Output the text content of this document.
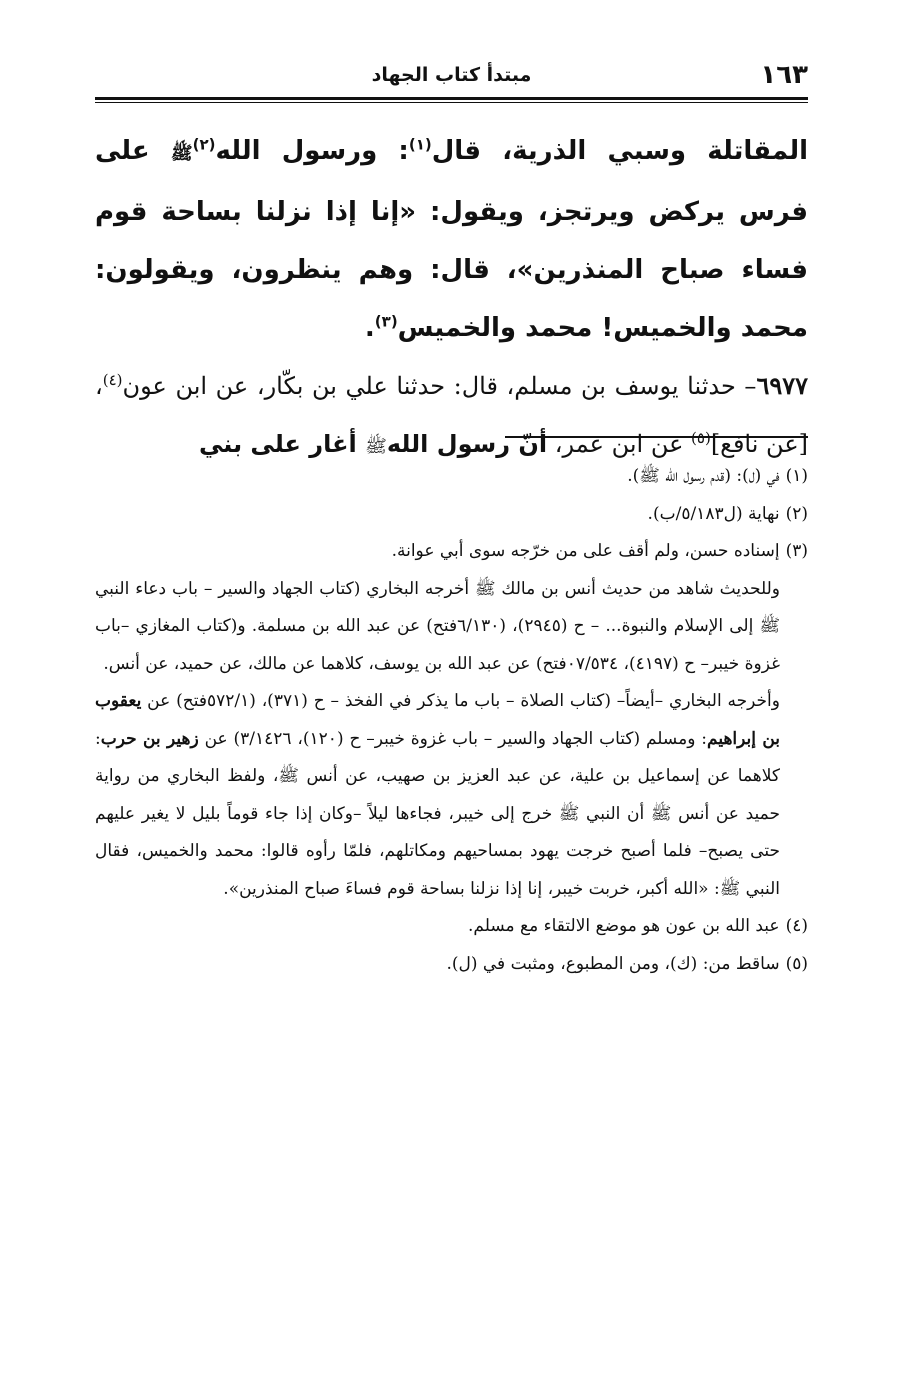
١٦٣
مبتدأ كتاب الجهاد

المقاتلة وسبي الذرية، قال$^{(١)}$: ورسول الله$^{(٢)}$ﷺ على فرس يركض ويرتجز، ويقول: «إنا إذا نزلنا بساحة قوم فساء صباح المنذرين»، قال: وهم ينظرون، ويقولون: محمد والخميس! محمد والخميس$^{(٣)}$.

٦٩٧٧– حدثنا يوسف بن مسلم، قال: حدثنا علي بن بكّار، عن ابن عون$^{(٤)}$، [عن نافع]$^{(٥)}$ عن ابن عمر، أنّ رسول اللهﷺ أغار على بني

(١)في (ل): (قدم رسول الله ﷺ).

(٢)نهاية (ل٥/١٨٣/ب).

(٣)إسناده حسن، ولم أقف على من خرّجه سوى أبي عوانة.

وللحديث شاهد من حديث أنس بن مالك ﷺ أخرجه البخاري (كتاب الجهاد والسير – باب دعاء النبي ﷺ إلى الإسلام والنبوة... – ح (٢٩٤٥)، (٦/١٣٠فتح) عن عبد الله بن مسلمة. و(كتاب المغازي –باب غزوة خيبر– ح (٤١٩٧)، ٠٧/٥٣٤فتح) عن عبد الله بن يوسف، كلاهما عن مالك، عن حميد، عن أنس.

وأخرجه البخاري –أيضاً– (كتاب الصلاة – باب ما يذكر في الفخذ – ح (٣٧١)، (٥٧٢/١فتح) عن يعقوب بن إبراهيم: ومسلم (كتاب الجهاد والسير – باب غزوة خيبر– ح (١٢٠)، ٣/١٤٢٦) عن زهير بن حرب: كلاهما عن إسماعيل بن علية، عن عبد العزيز بن صهيب، عن أنس ﷺ، ولفظ البخاري من رواية حميد عن أنس ﷺ أن النبي ﷺ خرج إلى خيبر، فجاءها ليلاً –وكان إذا جاء قوماً بليل لا يغير عليهم حتى يصبح– فلما أصبح خرجت يهود بمساحيهم ومكاتلهم، فلمّا رأوه قالوا: محمد والخميس، فقال النبي ﷺ: «الله أكبر، خربت خيبر، إنا إذا نزلنا بساحة قوم فساءَ صباح المنذرين».

(٤)عبد الله بن عون هو موضع الالتقاء مع مسلم.

(٥)ساقط من: (ك)، ومن المطبوع، ومثبت في (ل).
